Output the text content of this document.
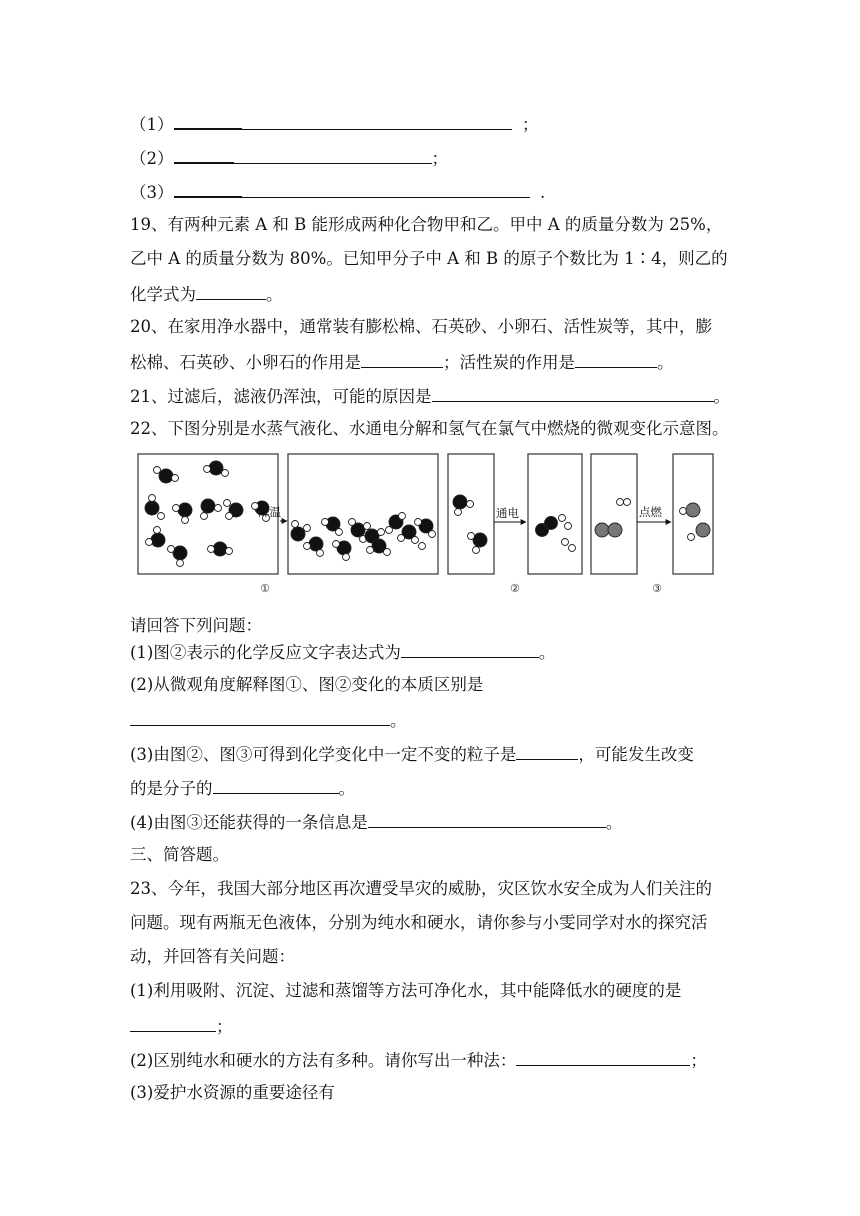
（1）	；
（2）	；
（3）	.
19、有两种元素 A 和 B 能形成两种化合物甲和乙。甲中 A 的质量分数为 25%，
乙中 A 的质量分数为 80%。已知甲分子中 A 和 B 的原子个数比为 1∶4，则乙的
化学式为	。
20、在家用净水器中，通常装有膨松棉、石英砂、小卵石、活性炭等，其中，膨
松棉、石英砂、小卵石的作用是	；活性炭的作用是	。
21、过滤后，滤液仍浑浊，可能的原因是	。
22、下图分别是水蒸气液化、水通电分解和氢气在氯气中燃烧的微观变化示意图。
降温
①
通电
②
点燃
③
请回答下列问题：
(1)图②表示的化学反应文字表达式为	。
(2)从微观角度解释图①、图②变化的本质区别是
。
(3)由图②、图③可得到化学变化中一定不变的粒子是	，可能发生改变
的是分子的	。
(4)由图③还能获得的一条信息是	。
三、简答题。
23、今年，我国大部分地区再次遭受旱灾的威胁，灾区饮水安全成为人们关注的
问题。现有两瓶无色液体，分别为纯水和硬水，请你参与小雯同学对水的探究活
动，并回答有关问题：
(1)利用吸附、沉淀、过滤和蒸馏等方法可净化水，其中能降低水的硬度的是
；
(2)区别纯水和硬水的方法有多种。请你写出一种法：	；
(3)爱护水资源的重要途径有
